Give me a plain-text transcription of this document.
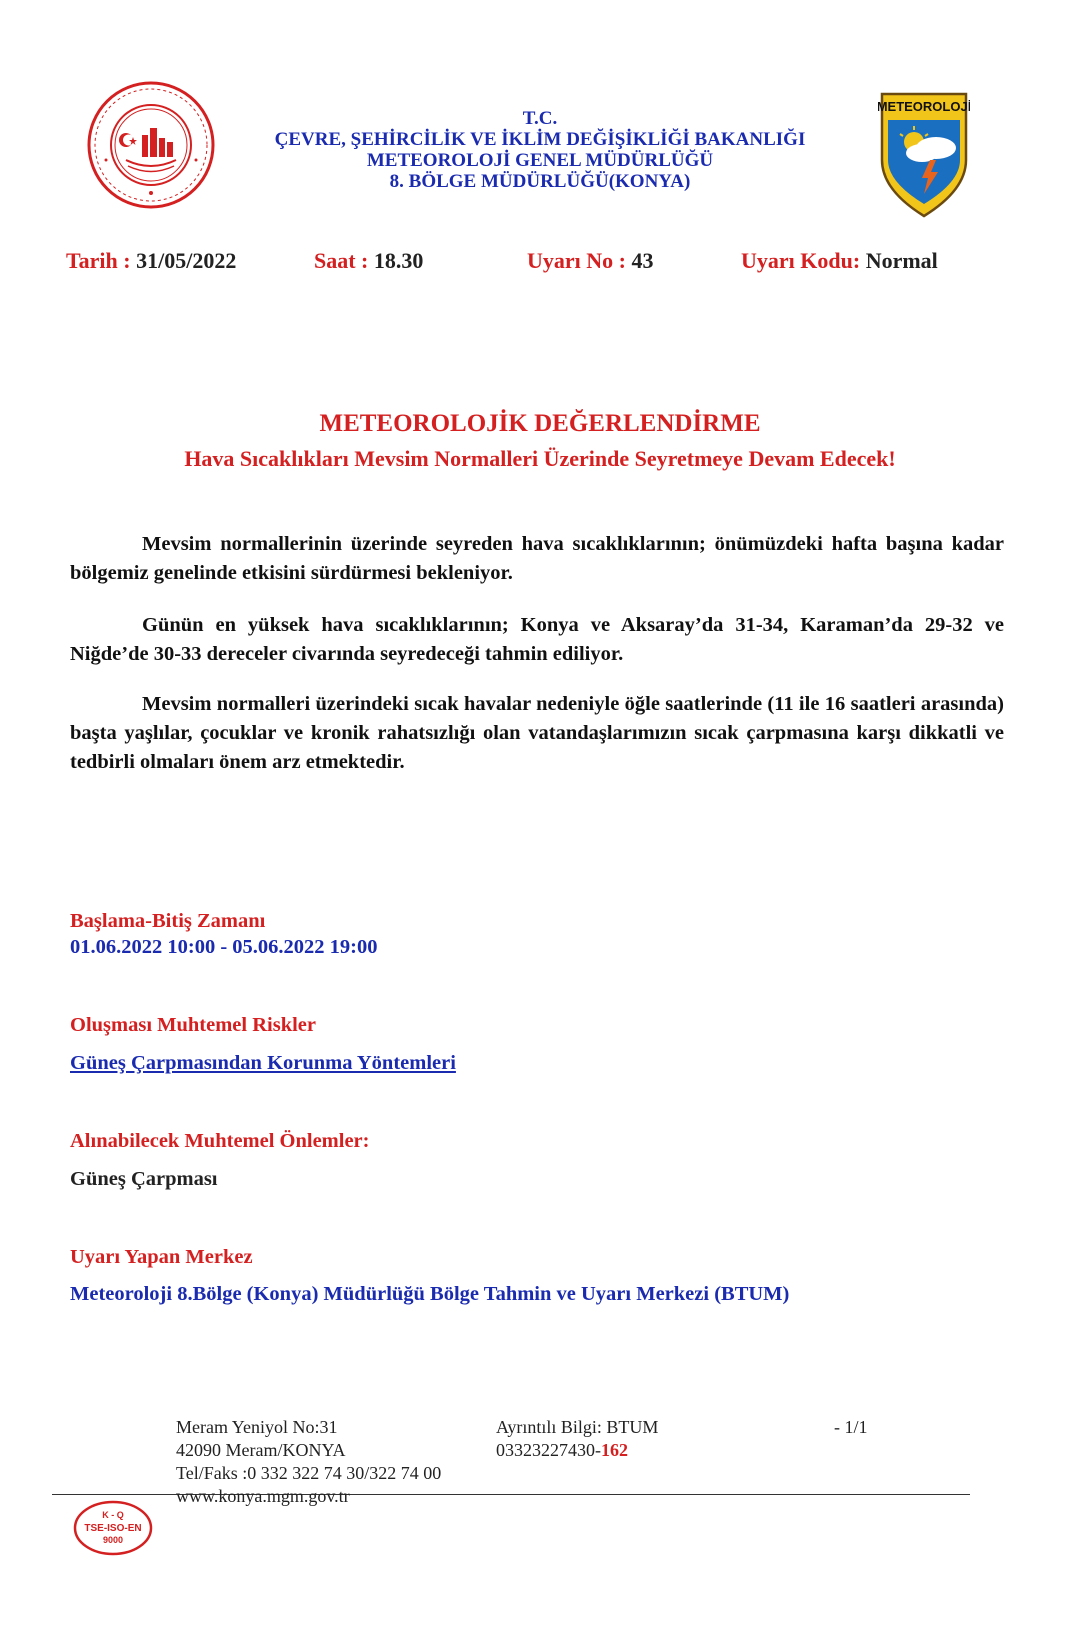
T.C.
ÇEVRE, ŞEHİRCİLİK VE İKLİM DEĞİŞİKLİĞİ BAKANLIĞI
METEOROLOJİ GENEL MÜDÜRLÜĞÜ
8. BÖLGE MÜDÜRLÜĞÜ(KONYA)
METEOROLOJİ
Tarih : 31/05/2022	Saat : 18.30	Uyarı No : 43	Uyarı Kodu: Normal
METEOROLOJİK DEĞERLENDİRME
Hava Sıcaklıkları Mevsim Normalleri Üzerinde Seyretmeye Devam Edecek!
Mevsim normallerinin üzerinde seyreden hava sıcaklıklarının; önümüzdeki hafta başına kadar bölgemiz genelinde etkisini sürdürmesi bekleniyor.
Günün en yüksek hava sıcaklıklarının; Konya ve Aksaray’da 31-34, Karaman’da 29-32 ve Niğde’de 30-33 dereceler civarında seyredeceği tahmin ediliyor.
Mevsim normalleri üzerindeki sıcak havalar nedeniyle öğle saatlerinde (11 ile 16 saatleri arasında) başta yaşlılar, çocuklar ve kronik rahatsızlığı olan vatandaşlarımızın sıcak çarpmasına karşı dikkatli ve tedbirli olmaları önem arz etmektedir.
Başlama-Bitiş Zamanı
01.06.2022 10:00 - 05.06.2022 19:00
Oluşması Muhtemel Riskler
Güneş Çarpmasından Korunma Yöntemleri
Alınabilecek Muhtemel Önlemler:
Güneş Çarpması
Uyarı Yapan Merkez
Meteoroloji 8.Bölge (Konya) Müdürlüğü Bölge Tahmin ve Uyarı Merkezi (BTUM)
K - Q
TSE-ISO-EN
9000
Meram Yeniyol No:31
42090 Meram/KONYA
Tel/Faks :0 332 322 74 30/322 74 00
www.konya.mgm.gov.tr
Ayrıntılı Bilgi: BTUM
03323227430-162
- 1/1
